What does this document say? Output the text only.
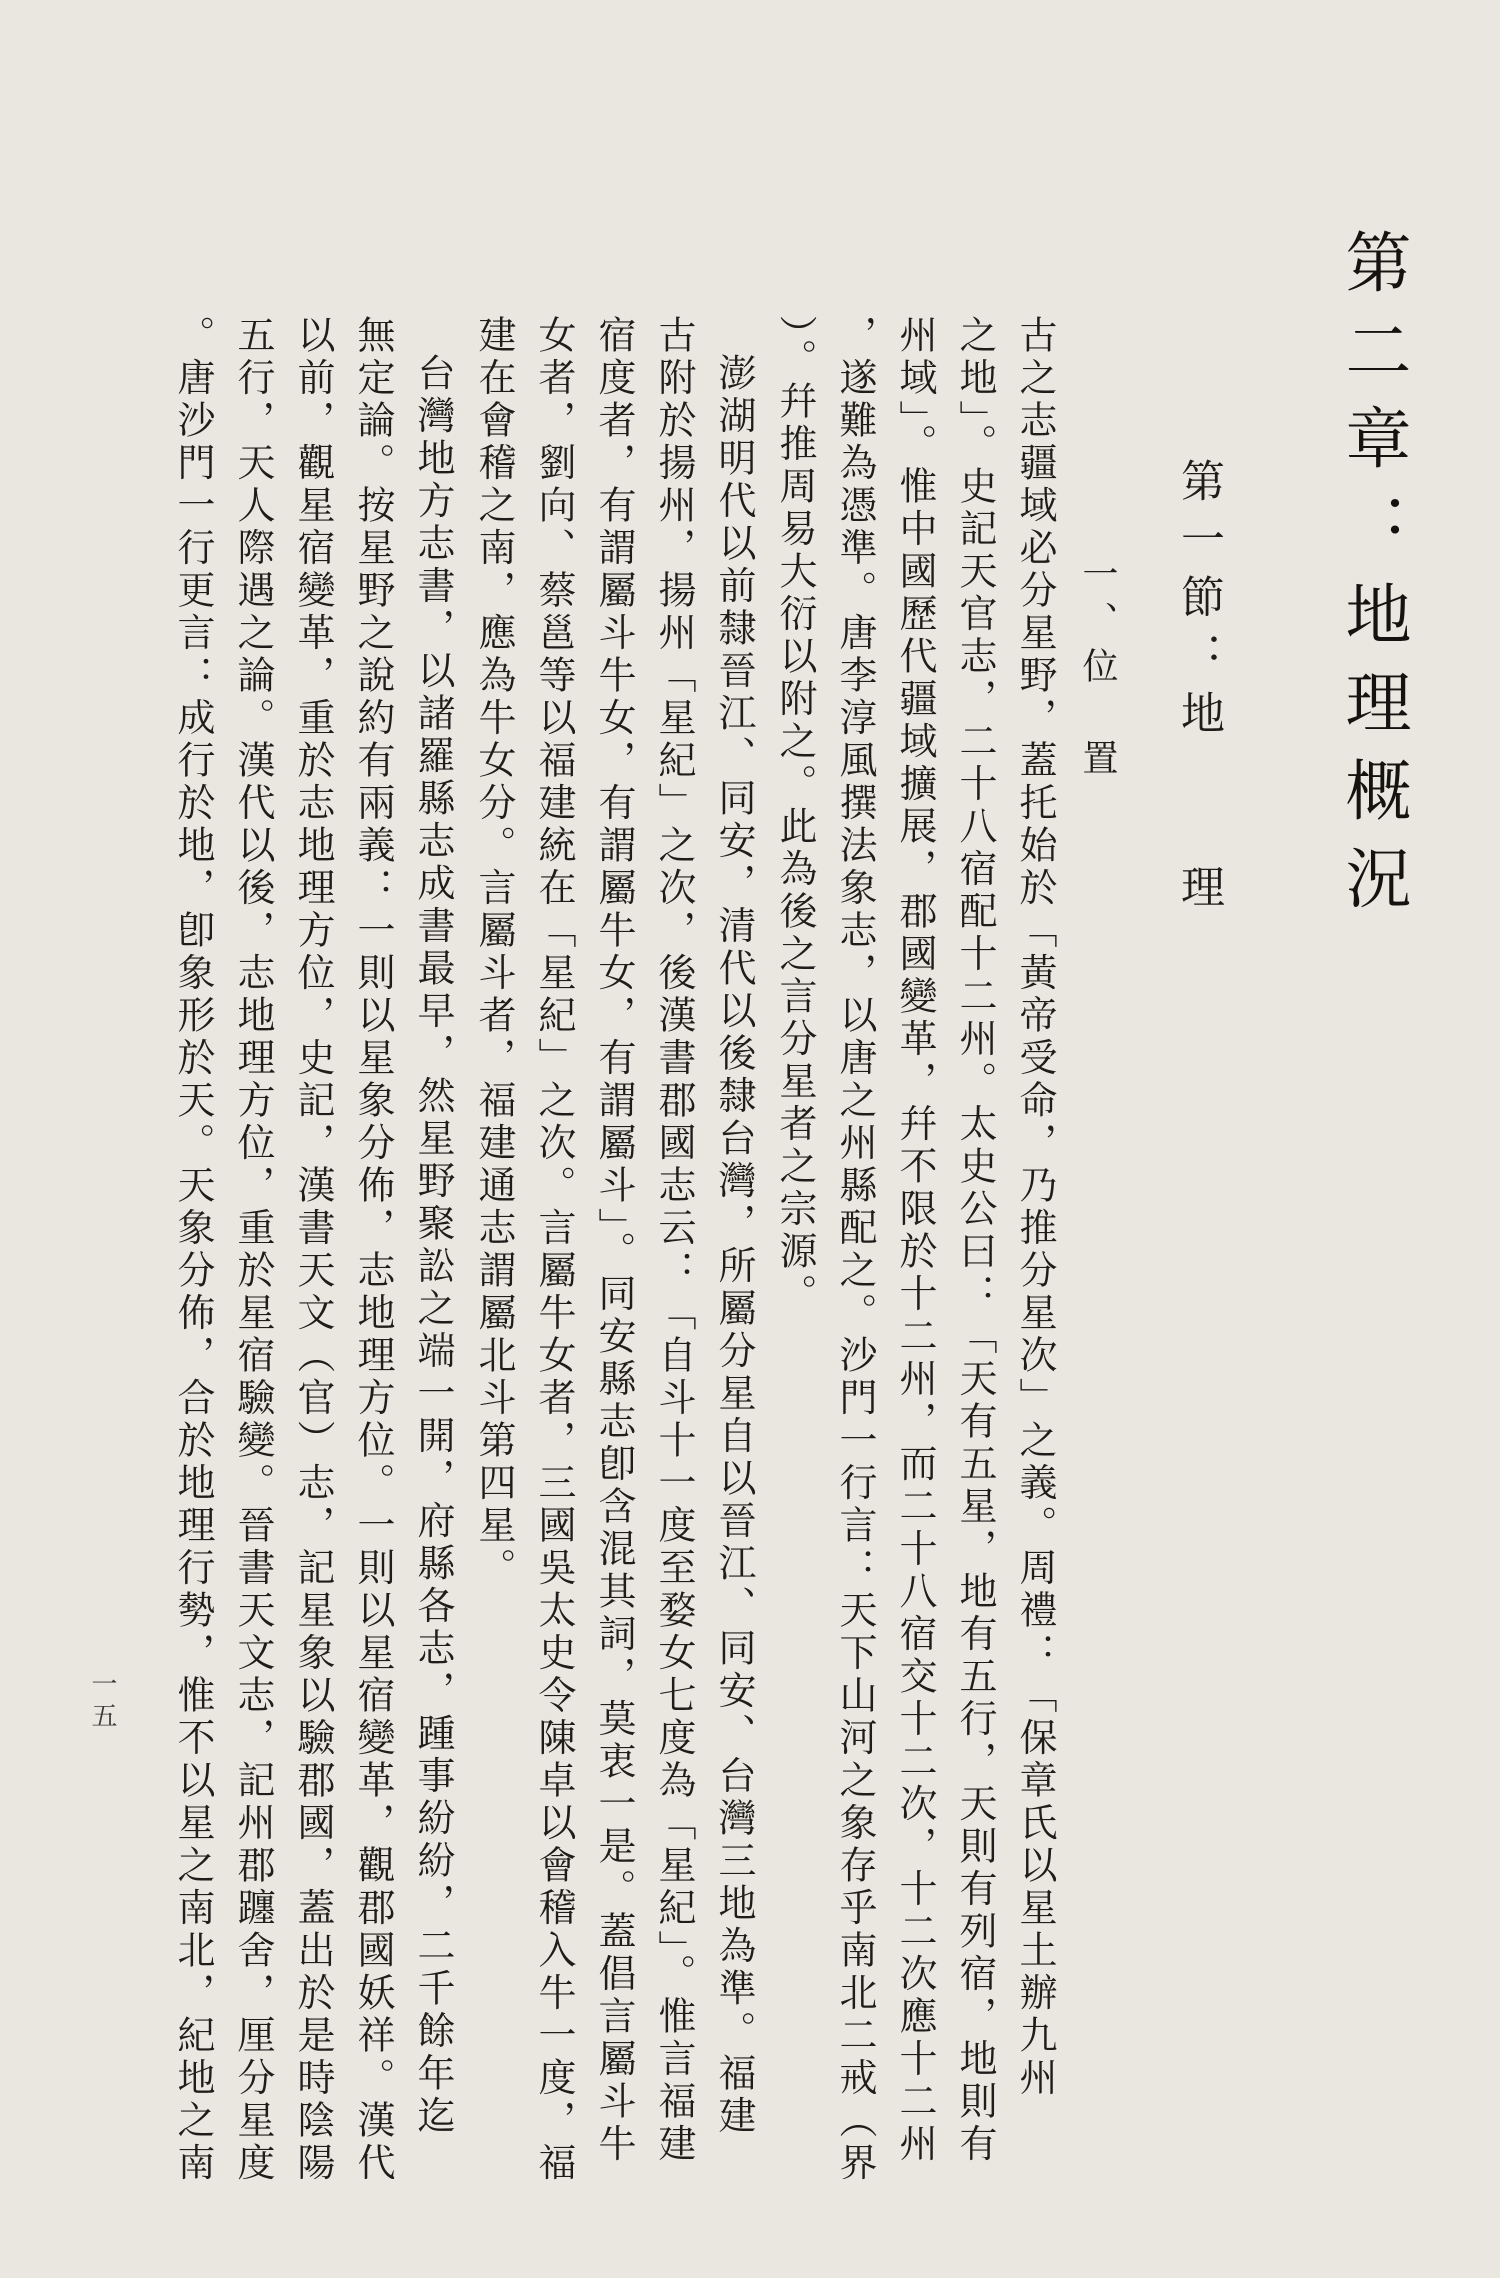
第二章：地理概況
第一節：地　　理
一、位　置
古之志疆域必分星野，蓋托始於「黃帝受命，乃推分星次」之義。周禮：「保章氏以星土辦九州
之地」。史記天官志，二十八宿配十二州。太史公曰：「天有五星，地有五行，天則有列宿，地則有
州域」。惟中國歷代疆域擴展，郡國變革，幷不限於十二州，而二十八宿交十二次，十二次應十二州
，遂難為憑準。唐李淳風撰法象志，以唐之州縣配之。沙門一行言：天下山河之象存乎南北二戒（界
）。幷推周易大衍以附之。此為後之言分星者之宗源。
澎湖明代以前隸晉江、同安，清代以後隸台灣，所屬分星自以晉江、同安、台灣三地為準。福建
古附於揚州，揚州「星紀」之次，後漢書郡國志云：「自斗十一度至婺女七度為「星紀」。惟言福建
宿度者，有謂屬斗牛女，有謂屬牛女，有謂屬斗」。同安縣志卽含混其詞，莫衷一是。蓋倡言屬斗牛
女者，劉向、蔡邕等以福建統在「星紀」之次。言屬牛女者，三國吳太史令陳卓以會稽入牛一度，福
建在會稽之南，應為牛女分。言屬斗者，福建通志謂屬北斗第四星。
台灣地方志書，以諸羅縣志成書最早，然星野聚訟之端一開，府縣各志，踵事紛紛，二千餘年迄
無定論。按星野之說約有兩義：一則以星象分佈，志地理方位。一則以星宿變革，觀郡國妖祥。漢代
以前，觀星宿變革，重於志地理方位，史記，漢書天文（官）志，記星象以驗郡國，蓋出於是時陰陽
五行，天人際遇之論。漢代以後，志地理方位，重於星宿驗變。晉書天文志，記州郡躔舍，厘分星度
。唐沙門一行更言：成行於地，卽象形於天。天象分佈，合於地理行勢，惟不以星之南北，紀地之南
一五
